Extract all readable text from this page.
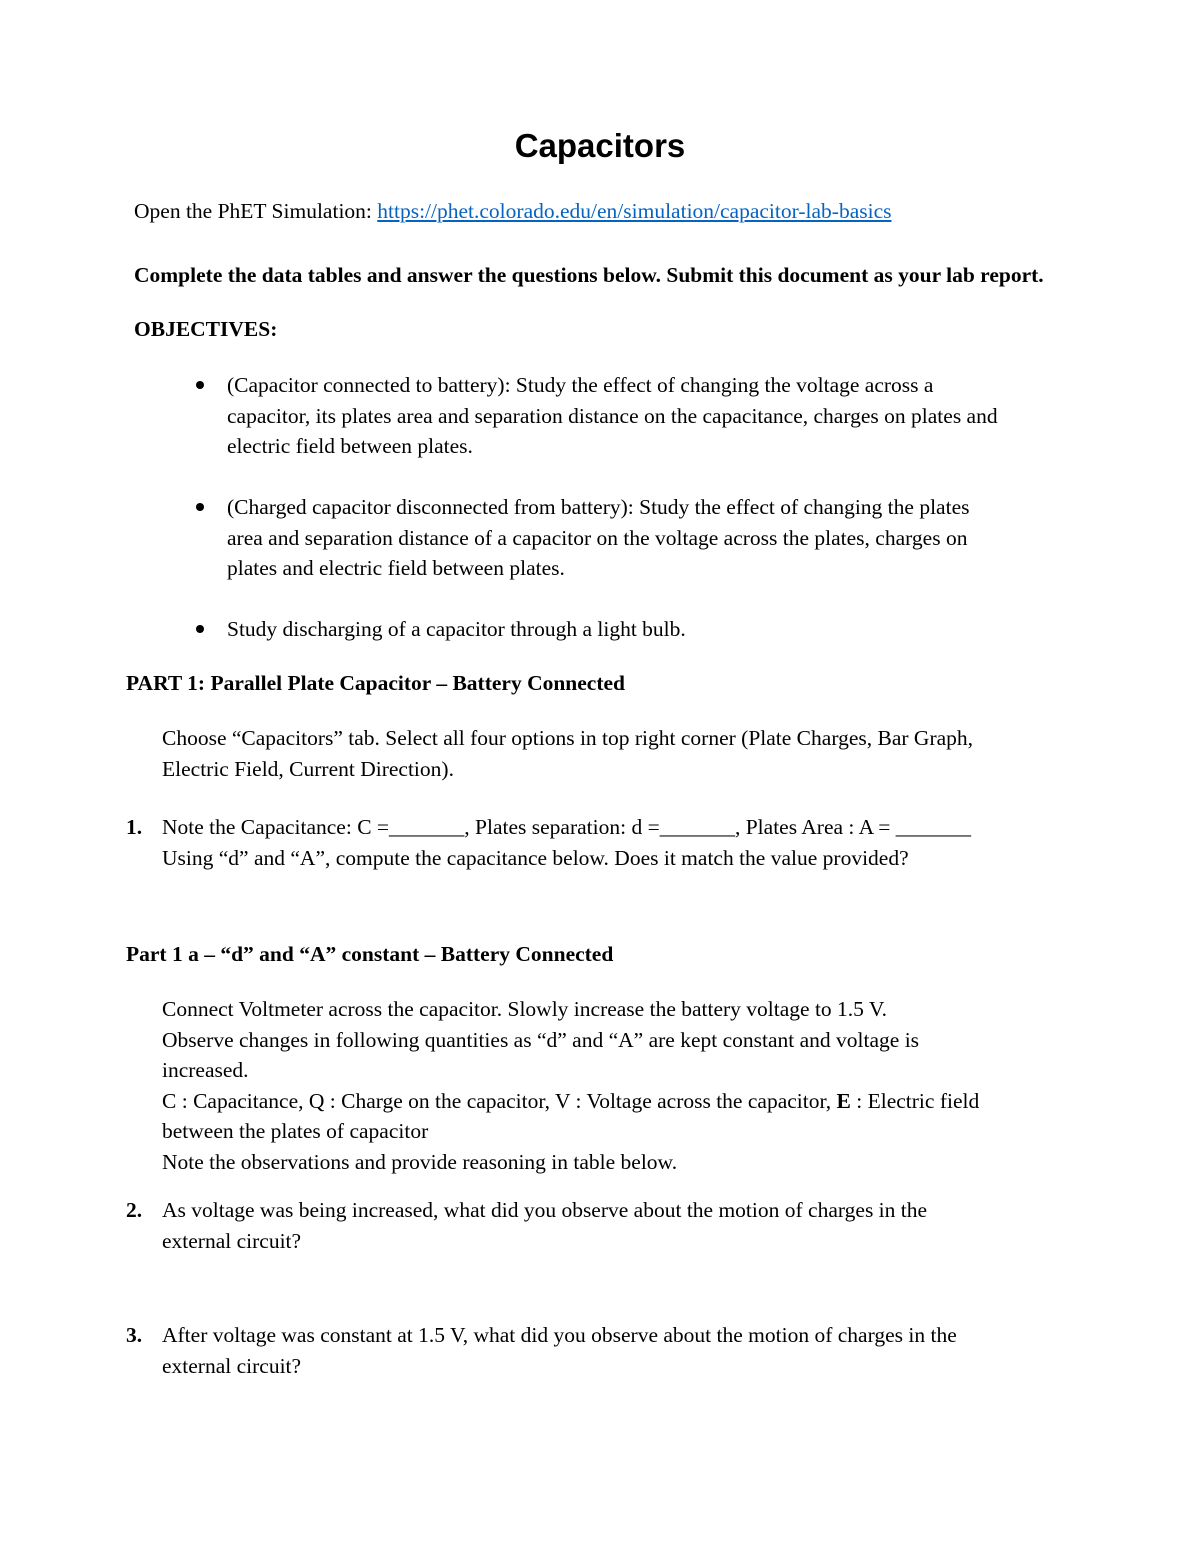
Capacitors
Open the PhET Simulation: https://phet.colorado.edu/en/simulation/capacitor-lab-basics
Complete the data tables and answer the questions below. Submit this document as your lab report.
OBJECTIVES:

(Capacitor connected to battery): Study the effect of changing the voltage across a

capacitor, its plates area and separation distance on the capacitance, charges on plates and

electric field between plates.

(Charged capacitor disconnected from battery): Study the effect of changing the plates

area and separation distance of a capacitor on the voltage across the plates, charges on

plates and electric field between plates.

Study discharging of a capacitor through a light bulb.

PART 1: Parallel Plate Capacitor – Battery Connected

Choose “Capacitors” tab. Select all four options in top right corner (Plate Charges, Bar Graph,

Electric Field, Current Direction).

1. Note the Capacitance: C =_______, Plates separation: d =_______, Plates Area : A = _______

Using “d” and “A”, compute the capacitance below. Does it match the value provided?

Part 1 a – “d” and “A” constant – Battery Connected

Connect Voltmeter across the capacitor. Slowly increase the battery voltage to 1.5 V.

Observe changes in following quantities as “d” and “A” are kept constant and voltage is

increased.

C : Capacitance, Q : Charge on the capacitor, V : Voltage across the capacitor, E : Electric field

between the plates of capacitor

Note the observations and provide reasoning in table below.

2. As voltage was being increased, what did you observe about the motion of charges in the

external circuit?

3. After voltage was constant at 1.5 V, what did you observe about the motion of charges in the

external circuit?
